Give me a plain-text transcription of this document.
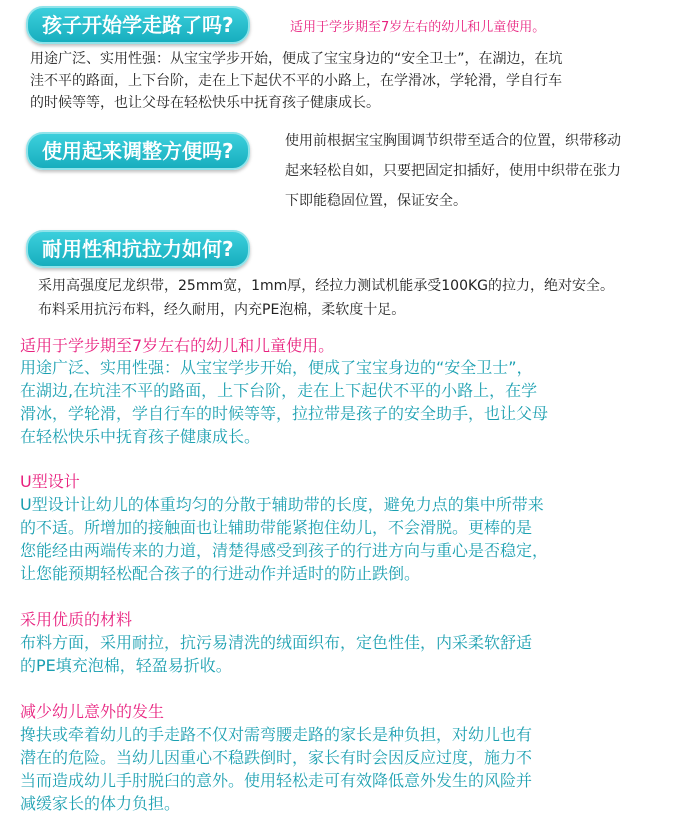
孩子开始学走路了吗?	适用于学步期至7岁左右的幼儿和儿童使用。
用途广泛、实用性强：从宝宝学步开始，便成了宝宝身边的“安全卫士”，在湖边，在坑
洼不平的路面，上下台阶，走在上下起伏不平的小路上，在学滑冰，学轮滑，学自行车
的时候等等，也让父母在轻松快乐中抚育孩子健康成长。
使用起来调整方便吗?	使用前根据宝宝胸围调节织带至适合的位置，织带移动
起来轻松自如，只要把固定扣插好，使用中织带在张力
下即能稳固位置，保证安全。
耐用性和抗拉力如何?
采用高强度尼龙织带，25mm宽，1mm厚，经拉力测试机能承受100KG的拉力，绝对安全。
布料采用抗污布料，经久耐用，内充PE泡棉，柔软度十足。
适用于学步期至7岁左右的幼儿和儿童使用。
用途广泛、实用性强：从宝宝学步开始，便成了宝宝身边的“安全卫士”，
在湖边,在坑洼不平的路面，上下台阶，走在上下起伏不平的小路上，在学
滑冰，学轮滑，学自行车的时候等等，拉拉带是孩子的安全助手，也让父母
在轻松快乐中抚育孩子健康成长。
U型设计
U型设计让幼儿的体重均匀的分散于辅助带的长度，避免力点的集中所带来
的不适。所增加的接触面也让辅助带能紧抱住幼儿，不会滑脱。更棒的是
您能经由两端传来的力道，清楚得感受到孩子的行进方向与重心是否稳定，
让您能预期轻松配合孩子的行进动作并适时的防止跌倒。
采用优质的材料
布料方面，采用耐拉，抗污易清洗的绒面织布，定色性佳，内采柔软舒适
的PE填充泡棉，轻盈易折收。
减少幼儿意外的发生
搀扶或牵着幼儿的手走路不仅对需弯腰走路的家长是种负担，对幼儿也有
潜在的危险。当幼儿因重心不稳跌倒时，家长有时会因反应过度，施力不
当而造成幼儿手肘脱臼的意外。使用轻松走可有效降低意外发生的风险并
减缓家长的体力负担。
